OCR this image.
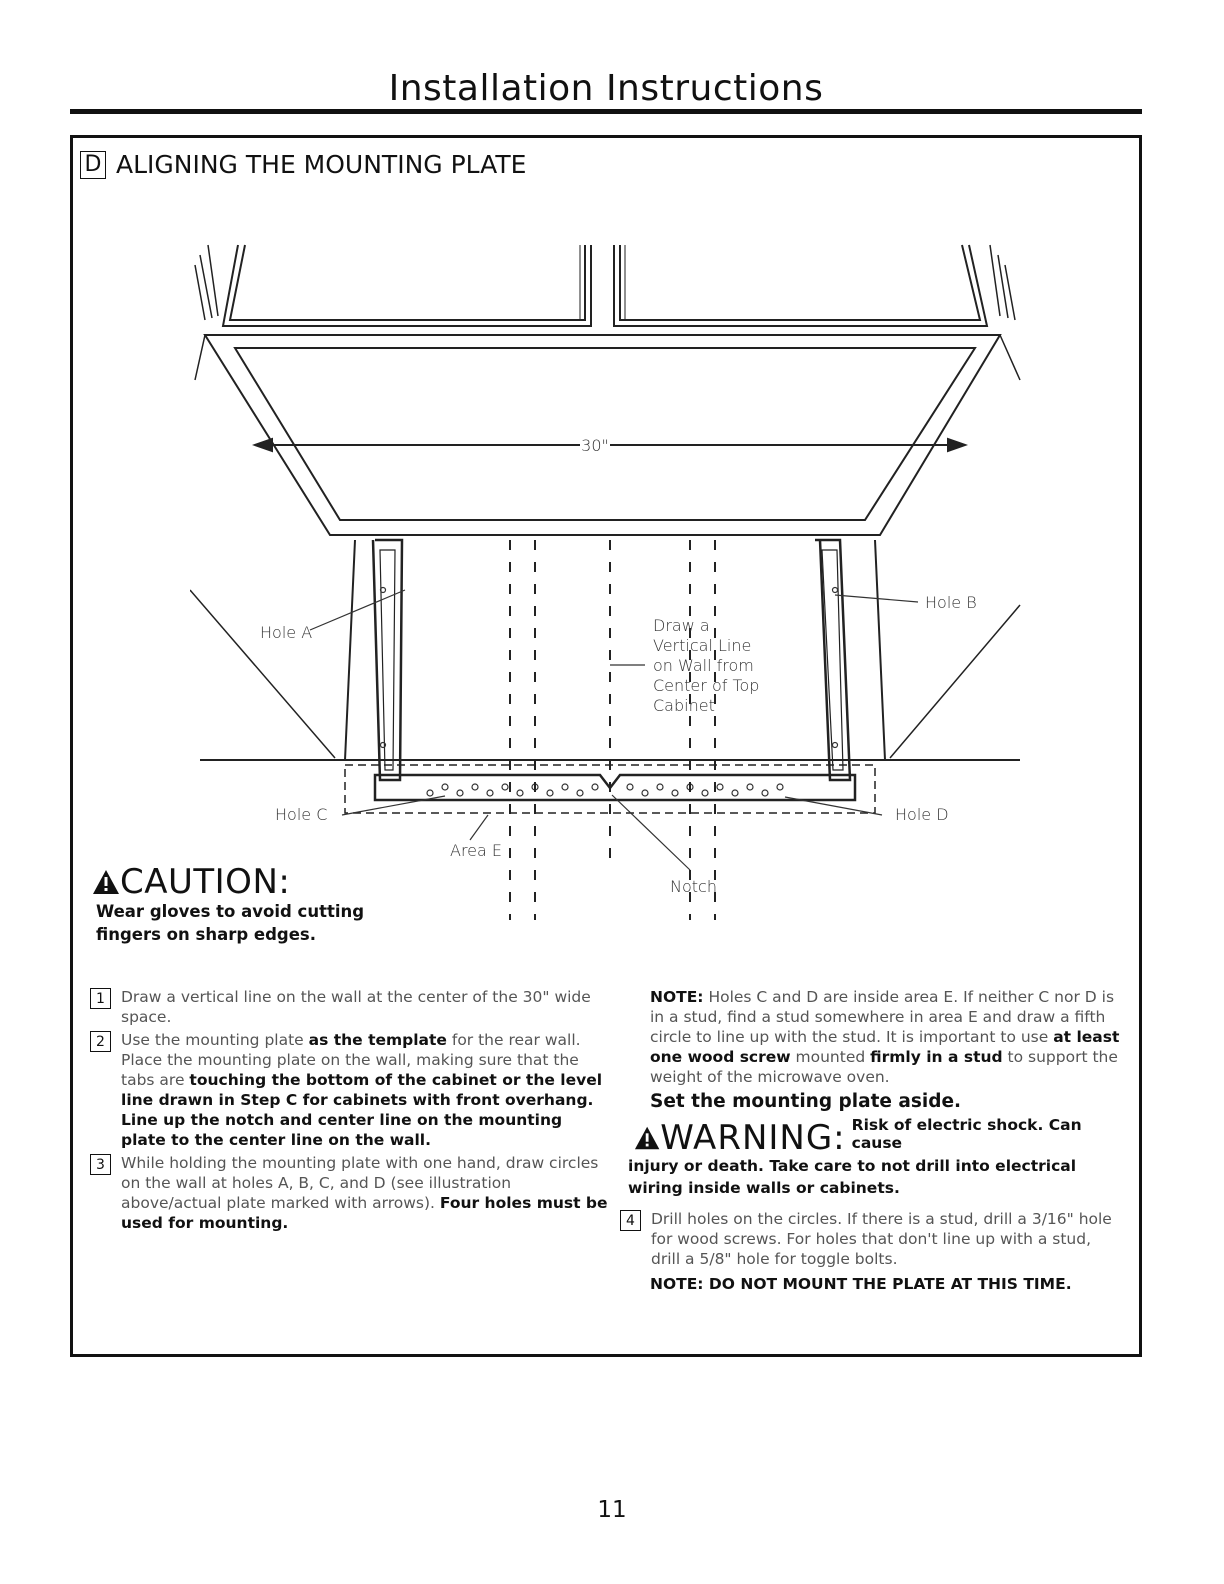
Installation Instructions
D ALIGNING THE MOUNTING PLATE
30"
Hole A
Hole B
Hole C	Hole D
Area E
Notch
Draw a
Vertical Line
on Wall from
Center of Top
Cabinet
CAUTION:
Wear gloves to avoid cutting fingers on sharp edges.
1	Draw a vertical line on the wall at the center of the 30" wide space.
2	Use the mounting plate as the template for the rear wall. Place the mounting plate on the wall, making sure that the tabs are touching the bottom of the cabinet or the level line drawn in Step C for cabinets with front overhang. Line up the notch and center line on the mounting plate to the center line on the wall.
3	While holding the mounting plate with one hand, draw circles on the wall at holes A, B, C, and D (see illustration above/actual plate marked with arrows). Four holes must be used for mounting.
NOTE: Holes C and D are inside area E. If neither C nor D is in a stud, find a stud somewhere in area E and draw a fifth circle to line up with the stud. It is important to use at least one wood screw mounted firmly in a stud to support the weight of the microwave oven.
Set the mounting plate aside.
WARNING: Risk of electric shock. Can cause
injury or death. Take care to not drill into electrical wiring inside walls or cabinets.
4	Drill holes on the circles. If there is a stud, drill a 3/16" hole for wood screws. For holes that don't line up with a stud, drill a 5/8" hole for toggle bolts.
NOTE: DO NOT MOUNT THE PLATE AT THIS TIME.
11
